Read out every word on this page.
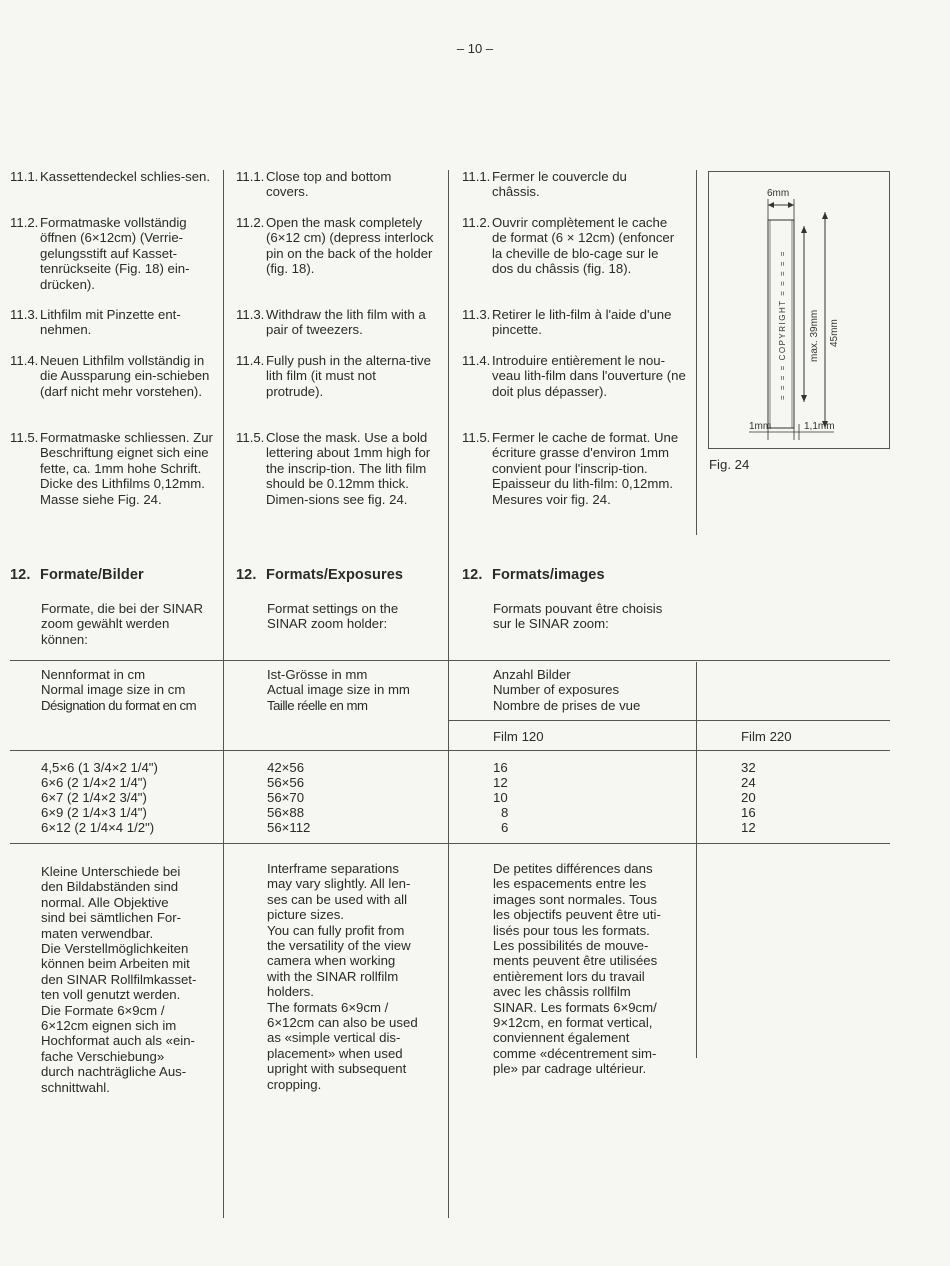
– 10 –
11.1. Kassettendeckel schlies-sen.
11.2. Formatmaske vollständig öffnen (6×12cm) (Verrie-gelungsstift auf Kasset-tenrückseite (Fig. 18) ein-drücken).
11.3. Lithfilm mit Pinzette ent-nehmen.
11.4. Neuen Lithfilm vollständig in die Aussparung ein-schieben (darf nicht mehr vorstehen).
11.5. Formatmaske schliessen. Zur Beschriftung eignet sich eine fette, ca. 1mm hohe Schrift. Dicke des Lithfilms 0,12mm. Masse siehe Fig. 24.
11.1. Close top and bottom covers.
11.2. Open the mask completely (6×12 cm) (depress interlock pin on the back of the holder (fig. 18).
11.3. Withdraw the lith film with a pair of tweezers.
11.4. Fully push in the alterna-tive lith film (it must not protrude).
11.5. Close the mask. Use a bold lettering about 1mm high for the inscrip-tion. The lith film should be 0.12mm thick. Dimen-sions see fig. 24.
11.1. Fermer le couvercle du châssis.
11.2. Ouvrir complètement le cache de format (6 × 12cm) (enfoncer la cheville de blo-cage sur le dos du châssis (fig. 18).
11.3. Retirer le lith-film à l'aide d'une pincette.
11.4. Introduire entièrement le nou-veau lith-film dans l'ouverture (ne doit plus dépasser).
11.5. Fermer le cache de format. Une écriture grasse d'environ 1mm convient pour l'inscrip-tion. Epaisseur du lith-film: 0,12mm. Mesures voir fig. 24.
6mm
= = = = COPYRIGHT = = = = = max. 39mm 45mm
1mm	1,1mm
Fig. 24
12. Formate/Bilder	12. Formats/Exposures	12. Formats/images
Formate, die bei der SINAR zoom gewählt werden können:
Format settings on the SINAR zoom holder:
Formats pouvant être choisis sur le SINAR zoom:
Nennformat in cm
Normal image size in cm
Désignation du format en cm
Ist-Grösse in mm
Actual image size in mm
Taille réelle en mm
Anzahl Bilder
Number of exposures
Nombre de prises de vue
Film 120	Film 220
4,5×6 (1 3/4×2 1/4")	42×56	16	32
6×6 (2 1/4×2 1/4")	56×56	12	24
6×7 (2 1/4×2 3/4")	56×70	10	20
6×9 (2 1/4×3 1/4")	56×88	8	16
6×12 (2 1/4×4 1/2")	56×112	6	12
Kleine Unterschiede bei
den Bildabständen sind
normal. Alle Objektive
sind bei sämtlichen For-
maten verwendbar.
Die Verstellmöglichkeiten
können beim Arbeiten mit
den SINAR Rollfilmkasset-
ten voll genutzt werden.
Die Formate 6×9cm /
6×12cm eignen sich im
Hochformat auch als «ein-
fache Verschiebung»
durch nachträgliche Aus-
schnittwahl.
Interframe separations
may vary slightly. All len-
ses can be used with all
picture sizes.
You can fully profit from
the versatility of the view
camera when working
with the SINAR rollfilm
holders.
The formats 6×9cm /
6×12cm can also be used
as «simple vertical dis-
placement» when used
upright with subsequent
cropping.
De petites différences dans
les espacements entre les
images sont normales. Tous
les objectifs peuvent être uti-
lisés pour tous les formats.
Les possibilités de mouve-
ments peuvent être utilisées
entièrement lors du travail
avec les châssis rollfilm
SINAR. Les formats 6×9cm/
9×12cm, en format vertical,
conviennent également
comme «décentrement sim-
ple» par cadrage ultérieur.
